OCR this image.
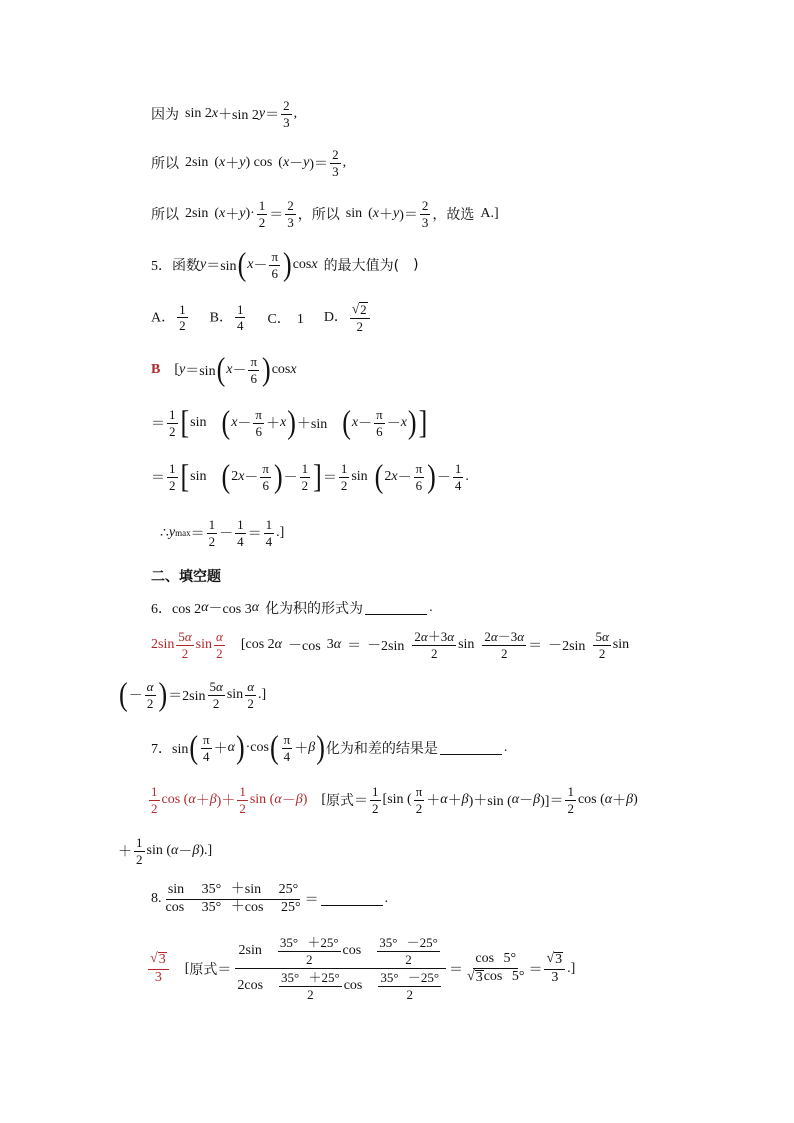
因为 sin 2 x ＋sin 2 $y = \frac{2}{3}$ ,
所以 2sin
( x ＋ y ) cos
( x － y )＝ $\frac{2}{3}$ ,
所以 2sin
( x ＋ y )· $\frac{1}{2} = \frac{2}{3}$ ，所以 sin
( x ＋ y )＝ $\frac{2}{3}$ ，故选 A.]
5． 函数 y ＝sin ( $x - \frac{\pi}{6}$ ) cos x 的最大值为( )
A． $\frac{1}{2}$ B． $\frac{1}{4}$ C． 1 D． $\frac{√ 2}{2}$
B [ y ＝sin ( $x - \frac{\pi}{6}$ ) cos x
＝ $\frac{1}{2}$ [ sin ( $x - \frac{\pi}{6} + x$ ) ＋sin ( $x - \frac{\pi}{6} - x$ ) ]
＝ $\frac{1}{2}$ [ sin ( 2 $x - \frac{\pi}{6}$ ) － $\frac{1}{2}$ ] ＝ $\frac{1}{2}$ sin ( 2 $x - \frac{\pi}{6}$ ) － $\frac{1}{4}$ .
∴ y $\max = \frac{1}{2} - \frac{1}{4} = \frac{1}{4}$ .]
二、填空题
6．cos 2 α －cos 3 α 化为积的形式为	.
$2\sin \frac{5\alpha}{2}$ $\sin \frac{\alpha}{2} [\cos$ 2 α －cos
3 α ＝
$-2\sin \frac{2\alpha+3\alpha}{2}$ $\sin \frac{2\alpha-3\alpha}{2}$ ＝
$-2\sin \frac{5\alpha}{2}$ sin
( － $\frac{\alpha}{2}$ ) $=2\sin \frac{5\alpha}{2}$ $\sin \frac{\alpha}{2}$ .]
7．sin ( $\frac{\pi}{4} + \alpha$ ) ·cos ( $\frac{\pi}{4} + \beta$ ) 化为和差的结果是	.
$\frac{1}{2}$ cos ( α ＋ β )＋ $\frac{1}{2}$ sin ( α － β ) [ 原式 ＝ $\frac{1}{2} [\sin$ ( $\frac{\pi}{2} + \alpha + \beta$ )＋sin ( α － β )]＝ $\frac{1}{2}$ cos ( α ＋ β )
＋ $\frac{1}{2}$ sin ( α － β ).]
8. $\frac{\sin 35^\circ +\sin 25^\circ}{\cos 35^\circ +\cos 25^\circ}$ ＝	.
$\frac{√ 3}{3}$ [ 原式 ＝ $\frac{2\sin \frac{35^\circ +25^\circ}{2} \cos \frac{35^\circ -25^\circ}{2}}{2\cos \frac{35^\circ +25^\circ}{2} \cos \frac{35^\circ -25^\circ}{2}} = \frac{\cos 5^\circ}{√ 3 \cos 5^\circ} = \frac{√ 3}{3}$ .]
